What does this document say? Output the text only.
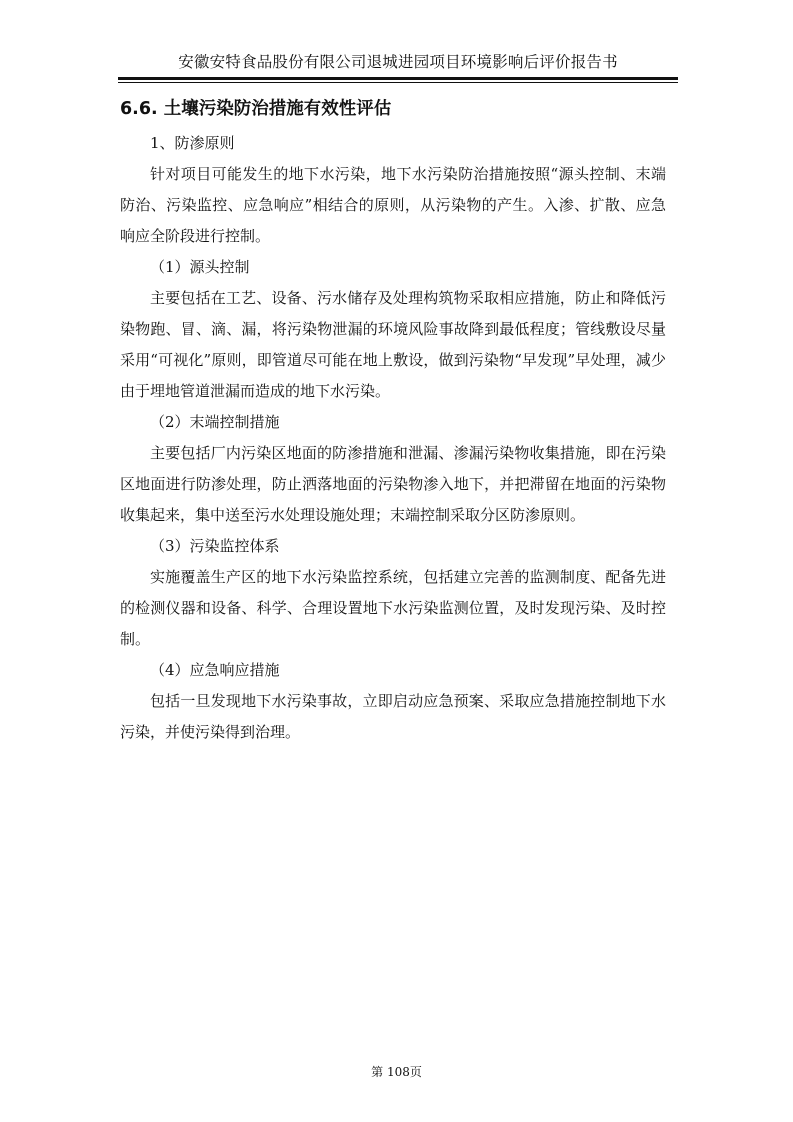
安徽安特食品股份有限公司退城进园项目环境影响后评价报告书
6.6. 土壤污染防治措施有效性评估

1、防渗原则

针对项目可能发生的地下水污染，地下水污染防治措施按照“源头控制、末端防治、污染监控、应急响应”相结合的原则，从污染物的产生。入渗、扩散、应急响应全阶段进行控制。

（1）源头控制

主要包括在工艺、设备、污水储存及处理构筑物采取相应措施，防止和降低污染物跑、冒、滴、漏，将污染物泄漏的环境风险事故降到最低程度；管线敷设尽量采用“可视化”原则，即管道尽可能在地上敷设，做到污染物“早发现”早处理，减少由于埋地管道泄漏而造成的地下水污染。

（2）末端控制措施

主要包括厂内污染区地面的防渗措施和泄漏、渗漏污染物收集措施，即在污染区地面进行防渗处理，防止洒落地面的污染物渗入地下，并把滞留在地面的污染物收集起来，集中送至污水处理设施处理；末端控制采取分区防渗原则。

（3）污染监控体系

实施覆盖生产区的地下水污染监控系统，包括建立完善的监测制度、配备先进的检测仪器和设备、科学、合理设置地下水污染监测位置，及时发现污染、及时控制。

（4）应急响应措施

包括一旦发现地下水污染事故，立即启动应急预案、采取应急措施控制地下水污染，并使污染得到治理。

第 108页
